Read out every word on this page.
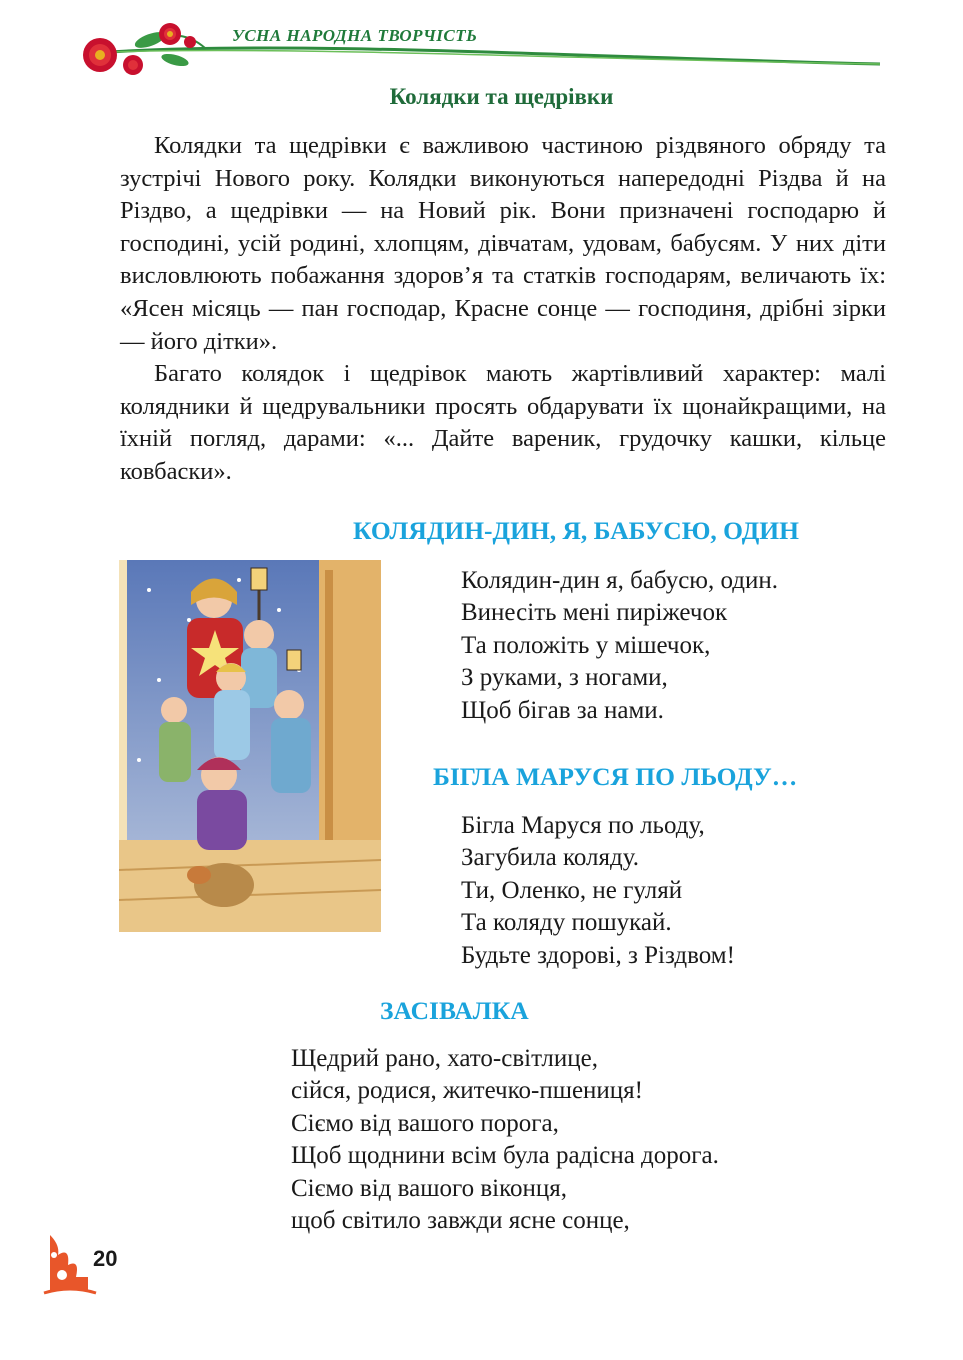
УСНА НАРОДНА ТВОРЧІСТЬ
Колядки та щедрівки

Колядки та щедрівки є важливою частиною різдвяного обряду та зустрічі Нового року. Колядки виконуються напередодні Різдва й на Різдво, а щедрівки — на Новий рік. Вони призначені господарю й господині, усій родині, хлопцям, дівчатам, удовам, бабусям. У них діти висловлюють побажання здоров’я та статків господарям, величають їх: «Ясен місяць — пан господар, Красне сонце — господиня, дрібні зірки — його дітки».

Багато колядок і щедрівок мають жартівливий характер: малі колядники й щедрувальники просять обдарувати їх щонайкращими, на їхній погляд, дарами: «... Дайте вареник, грудочку кашки, кільце ковбаски».

КОЛЯДИН-ДИН, Я, БАБУСЮ, ОДИН
Колядин-дин я, бабусю, один.
Винесіть мені пиріжечок
Та положіть у мішечок,
З руками, з ногами,
Щоб бігав за нами.
БІГЛА МАРУСЯ ПО ЛЬОДУ…
Бігла Маруся по льоду,
Загубила коляду.
Ти, Оленко, не гуляй
Та коляду пошукай.
Будьте здорові, з Різдвом!
ЗАСІВАЛКА
Щедрий рано, хато-світлице,
сійся, родися, житечко-пшениця!
Сіємо від вашого порога,
Щоб щоднини всім була радісна дорога.
Сіємо від вашого віконця,
щоб світило завжди ясне сонце,
20
